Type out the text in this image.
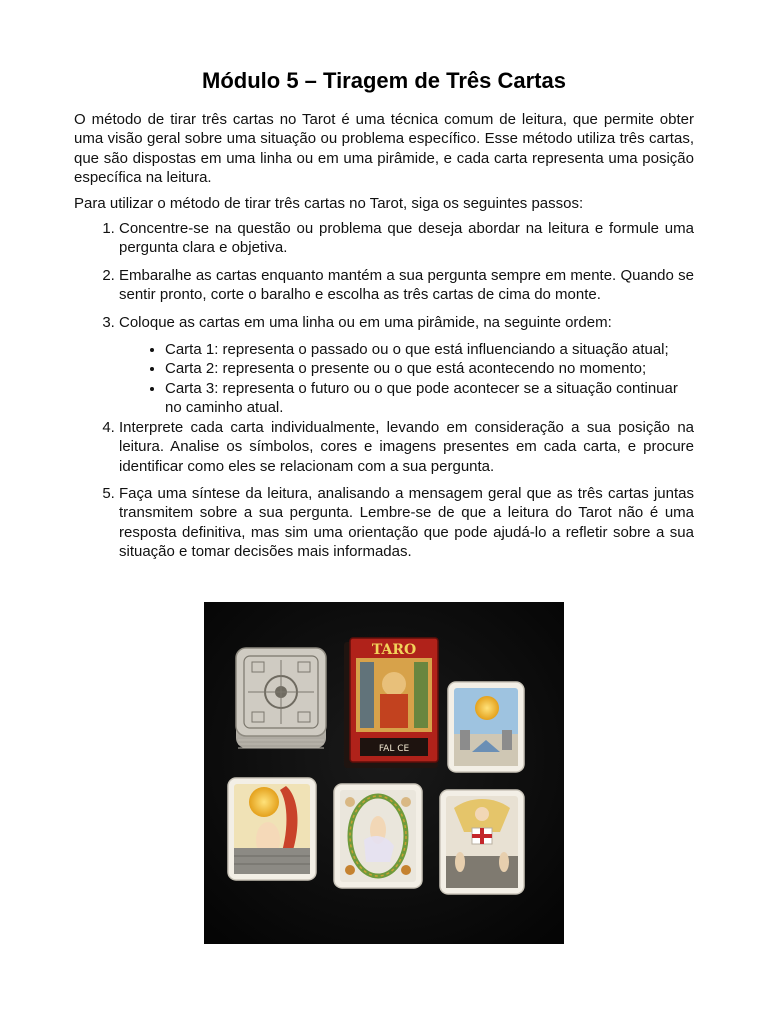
Módulo 5 – Tiragem de Três Cartas

O método de tirar três cartas no Tarot é uma técnica comum de leitura, que permite obter uma visão geral sobre uma situação ou problema específico. Esse método utiliza três cartas, que são dispostas em uma linha ou em uma pirâmide, e cada carta representa uma posição específica na leitura.

Para utilizar o método de tirar três cartas no Tarot, siga os seguintes passos:

1. Concentre-se na questão ou problema que deseja abordar na leitura e formule uma pergunta clara e objetiva.
2. Embaralhe as cartas enquanto mantém a sua pergunta sempre em mente. Quando se sentir pronto, corte o baralho e escolha as três cartas de cima do monte.
3. Coloque as cartas em uma linha ou em uma pirâmide, na seguinte ordem:
• Carta 1: representa o passado ou o que está influenciando a situação atual;
• Carta 2: representa o presente ou o que está acontecendo no momento;
• Carta 3: representa o futuro ou o que pode acontecer se a situação continuar no caminho atual.
4. Interprete cada carta individualmente, levando em consideração a sua posição na leitura. Analise os símbolos, cores e imagens presentes em cada carta, e procure identificar como eles se relacionam com a sua pergunta.
5. Faça uma síntese da leitura, analisando a mensagem geral que as três cartas juntas transmitem sobre a sua pergunta. Lembre-se de que a leitura do Tarot não é uma resposta definitiva, mas sim uma orientação que pode ajudá-lo a refletir sobre a sua situação e tomar decisões mais informadas.
TARO
FAL CE
